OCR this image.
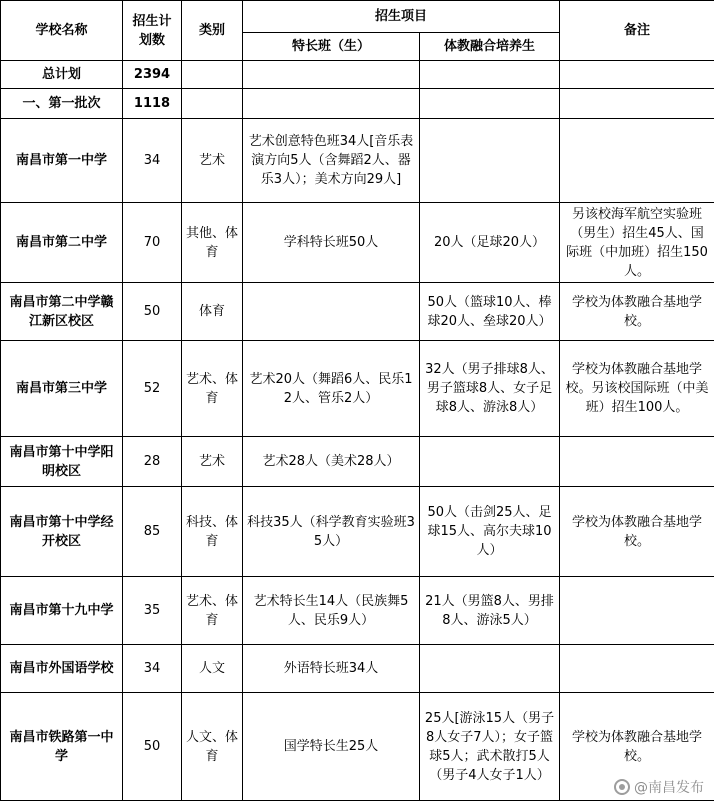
学校名称	招生计划数	类别	招生项目		备注
			特长班（生）	体教融合培养生	
总计划	2394				
一、第一批次	1118				
南昌市第一中学	34	艺术	艺术创意特色班34人[音乐表演方向5人（含舞蹈2人、器乐3人）；美术方向29人]		
南昌市第二中学	70	其他、体育	学科特长班50人	20人（足球20人）	另该校海军航空实验班（男生）招生45人、国际班（中加班）招生150人。
南昌市第二中学赣江新区校区	50	体育		50人（篮球10人、棒球20人、垒球20人）	学校为体教融合基地学校。
南昌市第三中学	52	艺术、体育	艺术20人（舞蹈6人、民乐12人、管乐2人）	32人（男子排球8人、男子篮球8人、女子足球8人、游泳8人）	学校为体教融合基地学校。另该校国际班（中美班）招生100人。
南昌市第十中学阳明校区	28	艺术	艺术28人（美术28人）		
南昌市第十中学经开校区	85	科技、体育	科技35人（科学教育实验班35人）	50人（击剑25人、足球15人、高尔夫球10人）	学校为体教融合基地学校。
南昌市第十九中学	35	艺术、体育	艺术特长生14人（民族舞5人、民乐9人）	21人（男篮8人、男排8人、游泳5人）	
南昌市外国语学校	34	人文	外语特长班34人		
南昌市铁路第一中学	50	人文、体育	国学特长生25人	25人[游泳15人（男子8人女子7人）；女子篮球5人；武术散打5人（男子4人女子1人）	学校为体教融合基地学校。
@南昌发布
